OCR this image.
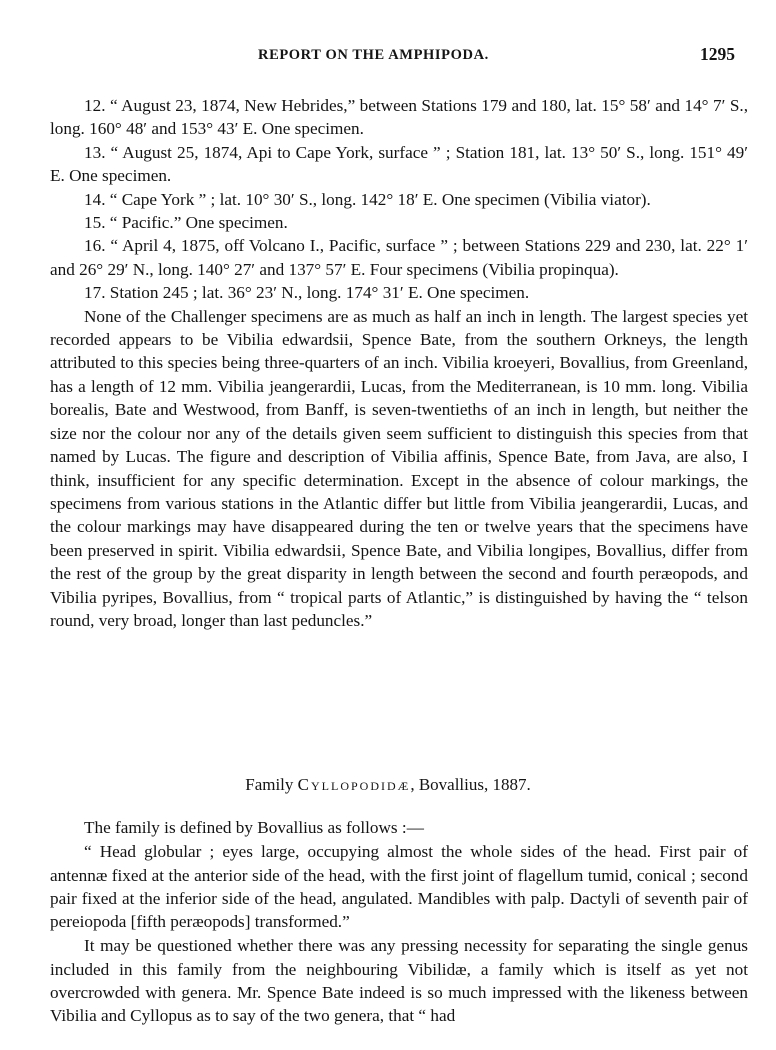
REPORT ON THE AMPHIPODA.	1295

12. “ August 23, 1874, New Hebrides,” between Stations 179 and 180, lat. 15° 58′ and 14° 7′ S., long. 160° 48′ and 153° 43′ E. One specimen.

13. “ August 25, 1874, Api to Cape York, surface ” ; Station 181, lat. 13° 50′ S., long. 151° 49′ E. One specimen.

14. “ Cape York ” ; lat. 10° 30′ S., long. 142° 18′ E. One specimen (Vibilia viator).

15. “ Pacific.” One specimen.

16. “ April 4, 1875, off Volcano I., Pacific, surface ” ; between Stations 229 and 230, lat. 22° 1′ and 26° 29′ N., long. 140° 27′ and 137° 57′ E. Four specimens (Vibilia propinqua).

17. Station 245 ; lat. 36° 23′ N., long. 174° 31′ E. One specimen.

None of the Challenger specimens are as much as half an inch in length. The largest species yet recorded appears to be Vibilia edwardsii, Spence Bate, from the southern Orkneys, the length attributed to this species being three-quarters of an inch. Vibilia kroeyeri, Bovallius, from Greenland, has a length of 12 mm. Vibilia jeangerardii, Lucas, from the Mediterranean, is 10 mm. long. Vibilia borealis, Bate and Westwood, from Banff, is seven-twentieths of an inch in length, but neither the size nor the colour nor any of the details given seem sufficient to distinguish this species from that named by Lucas. The figure and description of Vibilia affinis, Spence Bate, from Java, are also, I think, insufficient for any specific determination. Except in the absence of colour markings, the specimens from various stations in the Atlantic differ but little from Vibilia jeangerardii, Lucas, and the colour markings may have disappeared during the ten or twelve years that the specimens have been preserved in spirit. Vibilia edwardsii, Spence Bate, and Vibilia longipes, Bovallius, differ from the rest of the group by the great disparity in length between the second and fourth peræopods, and Vibilia pyripes, Bovallius, from “ tropical parts of Atlantic,” is distinguished by having the “ telson round, very broad, longer than last peduncles.”

Family Cyllopodidæ, Bovallius, 1887.

The family is defined by Bovallius as follows :—

“ Head globular ; eyes large, occupying almost the whole sides of the head. First pair of antennæ fixed at the anterior side of the head, with the first joint of flagellum tumid, conical ; second pair fixed at the inferior side of the head, angulated. Mandibles with palp. Dactyli of seventh pair of pereiopoda [fifth peræopods] transformed.”

It may be questioned whether there was any pressing necessity for separating the single genus included in this family from the neighbouring Vibilidæ, a family which is itself as yet not overcrowded with genera. Mr. Spence Bate indeed is so much impressed with the likeness between Vibilia and Cyllopus as to say of the two genera, that “ had
